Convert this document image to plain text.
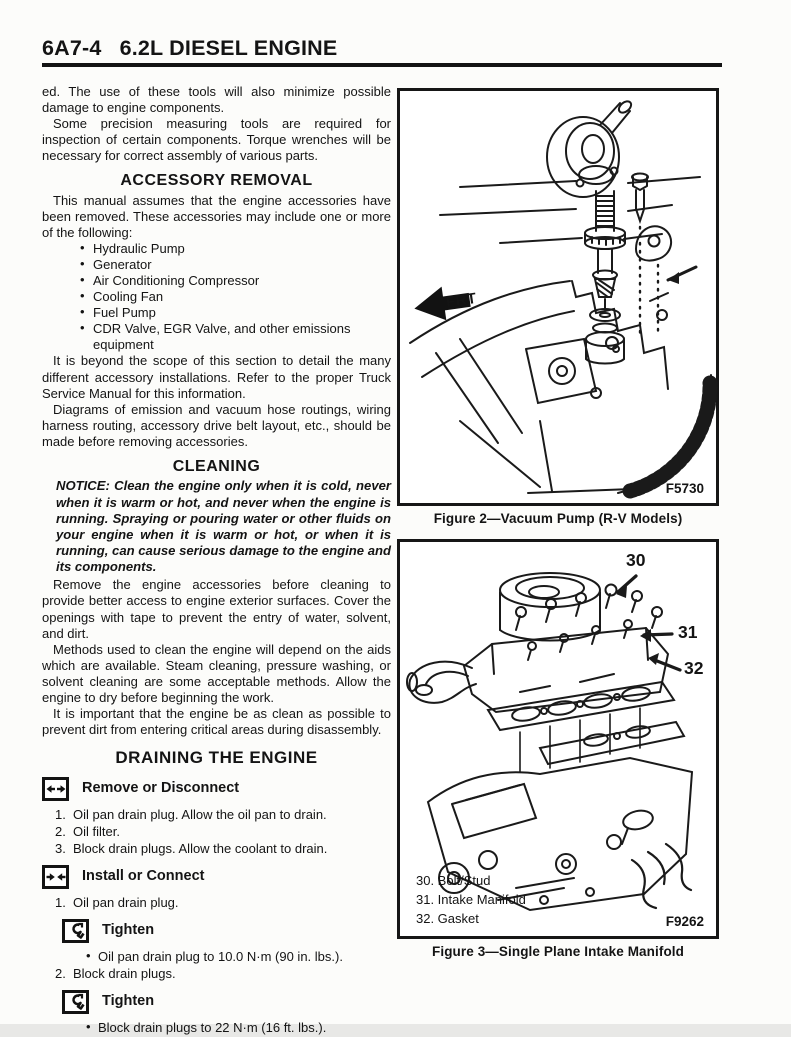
6A7-4 6.2L DIESEL ENGINE

ed. The use of these tools will also minimize possible damage to engine components.

Some precision measuring tools are required for inspection of certain components. Torque wrenches will be necessary for correct assembly of various parts.

ACCESSORY REMOVAL

This manual assumes that the engine accessories have been removed. These accessories may include one or more of the following:

• Hydraulic Pump
• Generator
• Air Conditioning Compressor
• Cooling Fan
• Fuel Pump
• CDR Valve, EGR Valve, and other emissions equipment

It is beyond the scope of this section to detail the many different accessory installations. Refer to the proper Truck Service Manual for this information.

Diagrams of emission and vacuum hose routings, wiring harness routing, accessory drive belt layout, etc., should be made before removing accessories.

CLEANING

NOTICE: Clean the engine only when it is cold, never when it is warm or hot, and never when the engine is running. Spraying or pouring water or other fluids on your engine when it is warm or hot, or when it is running, can cause serious damage to the engine and its components.

Remove the engine accessories before cleaning to provide better access to engine exterior surfaces. Cover the openings with tape to prevent the entry of water, solvent, and dirt.

Methods used to clean the engine will depend on the aids which are available. Steam cleaning, pressure washing, or solvent cleaning are some acceptable methods. Allow the engine to dry before beginning the work.

It is important that the engine be as clean as possible to prevent dirt from entering critical areas during disassembly.

DRAINING THE ENGINE
Remove or Disconnect
1. Oil pan drain plug. Allow the oil pan to drain.
2. Oil filter.
3. Block drain plugs. Allow the coolant to drain.
Install or Connect
1. Oil pan drain plug.
Tighten
• Oil pan drain plug to 10.0 N·m (90 in. lbs.).
2. Block drain plugs.
Tighten
• Block drain plugs to 22 N·m (16 ft. lbs.).
FRT
F5730
Figure 2—Vacuum Pump (R-V Models)
30
31
32
30. Bolt/Stud
31. Intake Manifold
32. Gasket	F9262
Figure 3—Single Plane Intake Manifold
